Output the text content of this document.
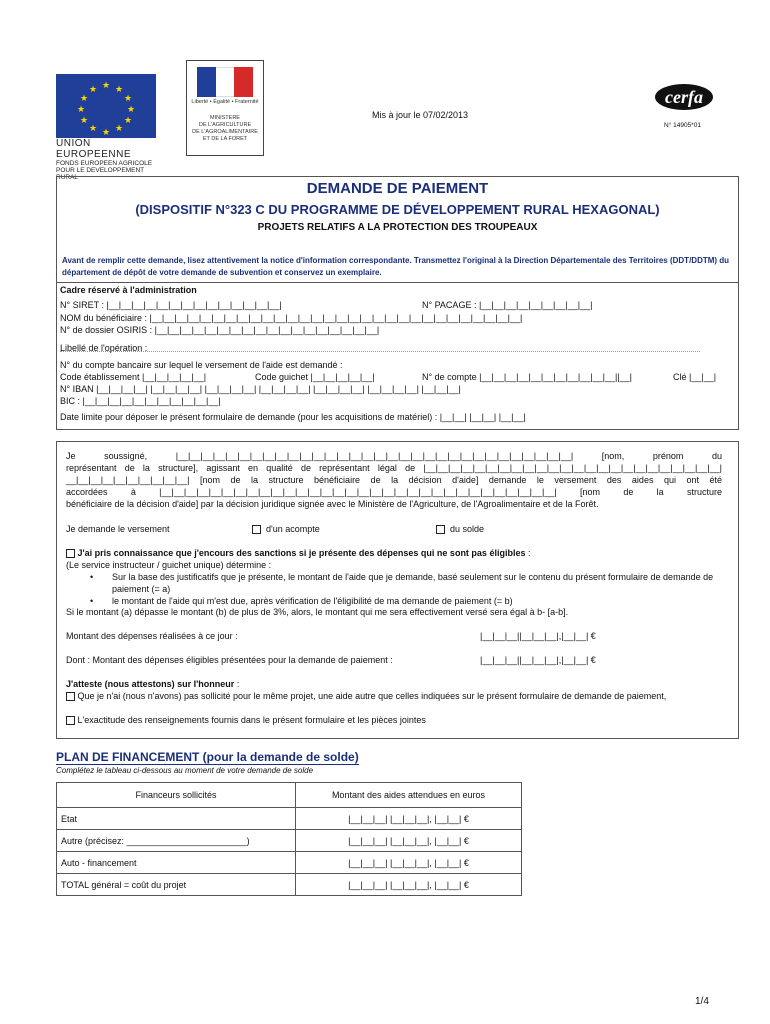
★ ★
★
★
★
★
★
★
★
★
★
★
UNION EUROPEENNE
FONDS EUROPEEN AGRICOLE
POUR LE DEVELOPPEMENT RURAL
Liberté • Égalité • Fraternité
MINISTERE
DE L'AGRICULTURE
DE L'AGROALIMENTAIRE
ET DE LA FORET
Mis à jour le 07/02/2013
cerfa
N° 14905*01
DEMANDE DE PAIEMENT
(DISPOSITIF N°323 C DU PROGRAMME DE DÉVELOPPEMENT RURAL HEXAGONAL)
PROJETS RELATIFS A LA PROTECTION DES TROUPEAUX
Avant de remplir cette demande, lisez attentivement la notice d'information correspondante. Transmettez l'original à la Direction Départementale des Territoires (DDT/DDTM) du département de dépôt de votre demande de subvention et conservez un exemplaire.
Cadre réservé à l'administration
N° SIRET : |__|__|__|__|__|__|__|__|__|__|__|__|__|__|	N° PACAGE : |__|__|__|__|__|__|__|__|__|
NOM du bénéficiaire : |__|__|__|__|__|__|__|__|__|__|__|__|__|__|__|__|__|__|__|__|__|__|__|__|__|__|__|__|__|__|
N° de dossier OSIRIS : |__|__|__|__|__|__|__|__|__|__|__|__|__|__|__|__|__|__|
Libellé de l'opération :
N° du compte bancaire sur lequel le versement de l'aide est demandé :
Code établissement |__|__|__|__|__|	Code guichet |__|__|__|__|__|	N° de compte |__|__|__|__|__|__|__|__|__|__|__||__|	Clé |__|__|
N° IBAN |__|__|__|__| |__|__|__|__| |__|__|__|__| |__|__|__|__| |__|__|__|__| |__|__|__|__| |__|__|__|
BIC : |__|__|__|__|__|__|__|__|__|__|__|
Date limite pour déposer le présent formulaire de demande (pour les acquisitions de matériel) : |__|__| |__|__| |__|__|
Je soussigné, |__|__|__|__|__|__|__|__|__|__|__|__|__|__|__|__|__|__|__|__|__|__|__|__|__|__|__|__|__|__|__|__| [nom, prénom du
représentant de la structure], agissant en qualité de représentant légal de |__|__|__|__|__|__|__|__|__|__|__|__|__|__|__|__|__|__|__|__|__|__|__|__|
__|__|__|__|__|__|__|__|__|__| [nom de la structure bénéficiaire de la décision d'aide] demande le versement des aides qui ont été
accordées à |__|__|__|__|__|__|__|__|__|__|__|__|__|__|__|__|__|__|__|__|__|__|__|__|__|__|__|__|__|__|__|__| [nom de la structure
bénéficiaire de la décision d'aide] par la décision juridique signée avec le Ministère de l'Agriculture, de l'Agroalimentaire et de la Forêt.
Je demande le versement	d'un acompte	du solde
J'ai pris connaissance que j'encours des sanctions si je présente des dépenses qui ne sont pas éligibles :
(Le service instructeur / guichet unique) détermine :
• Sur la base des justificatifs que je présente, le montant de l'aide que je demande, basé seulement sur le contenu du présent formulaire de demande de paiement (= a)
• le montant de l'aide qui m'est due, après vérification de l'éligibilité de ma demande de paiement (= b)
Si le montant (a) dépasse le montant (b) de plus de 3%, alors, le montant qui me sera effectivement versé sera égal à b- [a-b].
Montant des dépenses réalisées à ce jour :	|__|__|__||__|__|__|,|__|__| €
Dont : Montant des dépenses éligibles présentées pour la demande de paiement :	|__|__|__||__|__|__|,|__|__| €
J'atteste (nous attestons) sur l'honneur :
Que je n'ai (nous n'avons) pas sollicité pour le même projet, une aide autre que celles indiquées sur le présent formulaire de demande de paiement,
L'exactitude des renseignements fournis dans le présent formulaire et les pièces jointes
PLAN DE FINANCEMENT (pour la demande de solde)
Complétez le tableau ci-dessous au moment de votre demande de solde
Financeurs sollicités	Montant des aides attendues en euros
Etat	|__|__|__| |__|__|__|, |__|__| €
Autre (précisez: ________________________)	|__|__|__| |__|__|__|, |__|__| €
Auto - financement	|__|__|__| |__|__|__|, |__|__| €
TOTAL général = coût du projet	|__|__|__| |__|__|__|, |__|__| €
1/4
